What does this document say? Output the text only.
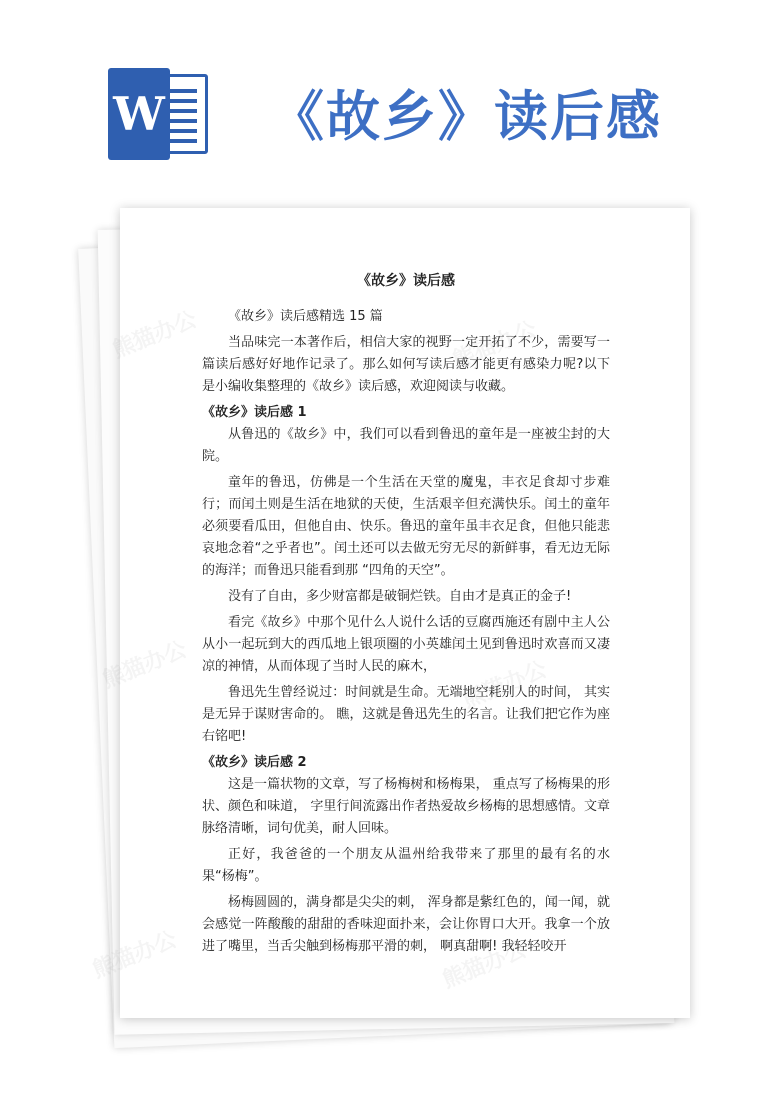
W 《故乡》读后感
熊猫办公	熊猫办公
熊猫办公	熊猫办公
熊猫办公	熊猫办公
《故乡》读后感

《故乡》读后感精选 15 篇

当品味完一本著作后，相信大家的视野一定开拓了不少，需要写一篇读后感好好地作记录了。那么如何写读后感才能更有感染力呢?以下是小编收集整理的《故乡》读后感，欢迎阅读与收藏。

《故乡》读后感 1

从鲁迅的《故乡》中，我们可以看到鲁迅的童年是一座被尘封的大院。

童年的鲁迅，仿佛是一个生活在天堂的魔鬼，丰衣足食却寸步难行；而闰土则是生活在地狱的天使，生活艰辛但充满快乐。闰土的童年必须要看瓜田，但他自由、快乐。鲁迅的童年虽丰衣足食，但他只能悲哀地念着“之乎者也”。闰土还可以去做无穷无尽的新鲜事，看无边无际的海洋；而鲁迅只能看到那 “四角的天空”。

没有了自由，多少财富都是破铜烂铁。自由才是真正的金子!

看完《故乡》中那个见什么人说什么话的豆腐西施还有剧中主人公从小一起玩到大的西瓜地上银项圈的小英雄闰土见到鲁迅时欢喜而又凄凉的神情，从而体现了当时人民的麻木，

鲁迅先生曾经说过：时间就是生命。无端地空耗别人的时间， 其实是无异于谋财害命的。 瞧，这就是鲁迅先生的名言。让我们把它作为座右铭吧!

《故乡》读后感 2

这是一篇状物的文章，写了杨梅树和杨梅果， 重点写了杨梅果的形状、颜色和味道， 字里行间流露出作者热爱故乡杨梅的思想感情。文章脉络清晰，词句优美，耐人回味。

正好，我爸爸的一个朋友从温州给我带来了那里的最有名的水果“杨梅”。

杨梅圆圆的，满身都是尖尖的刺， 浑身都是紫红色的，闻一闻，就会感觉一阵酸酸的甜甜的香味迎面扑来，会让你胃口大开。我拿一个放进了嘴里，当舌尖触到杨梅那平滑的刺， 啊真甜啊! 我轻轻咬开
